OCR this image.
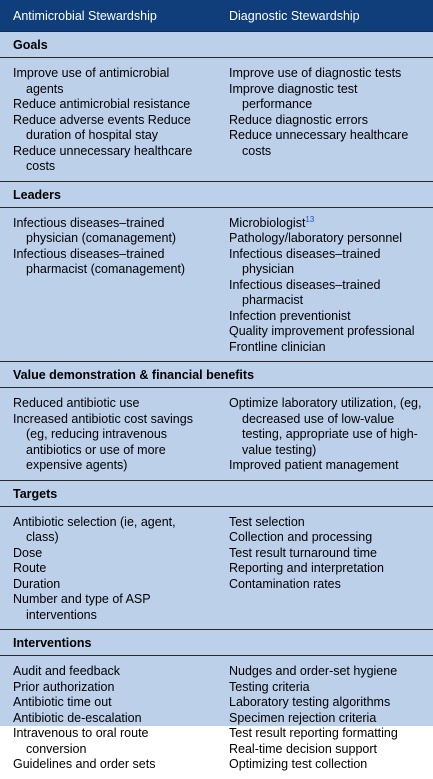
Antimicrobial Stewardship	Diagnostic Stewardship
Goals
Improve use of antimicrobial agents
Reduce antimicrobial resistance
Reduce adverse events Reduce duration of hospital stay
Reduce unnecessary healthcare costs
Improve use of diagnostic tests
Improve diagnostic test performance
Reduce diagnostic errors
Reduce unnecessary healthcare costs
Leaders
Infectious diseases–trained physician (comanagement)
Infectious diseases–trained pharmacist (comanagement)
Microbiologist$^{13}$
Pathology/laboratory personnel
Infectious diseases–trained physician
Infectious diseases–trained pharmacist
Infection preventionist
Quality improvement professional
Frontline clinician
Value demonstration & financial benefits
Reduced antibiotic use
Increased antibiotic cost savings (eg, reducing intravenous antibiotics or use of more expensive agents)
Optimize laboratory utilization, (eg, decreased use of low-value testing, appropriate use of high-value testing)
Improved patient management
Targets
Antibiotic selection (ie, agent, class)
Dose
Route
Duration
Number and type of ASP interventions
Test selection
Collection and processing
Test result turnaround time
Reporting and interpretation
Contamination rates
Interventions
Audit and feedback
Prior authorization
Antibiotic time out
Antibiotic de-escalation
Intravenous to oral route conversion
Guidelines and order sets
Nudges and order-set hygiene
Testing criteria
Laboratory testing algorithms
Specimen rejection criteria
Test result reporting formatting
Real-time decision support
Optimizing test collection
